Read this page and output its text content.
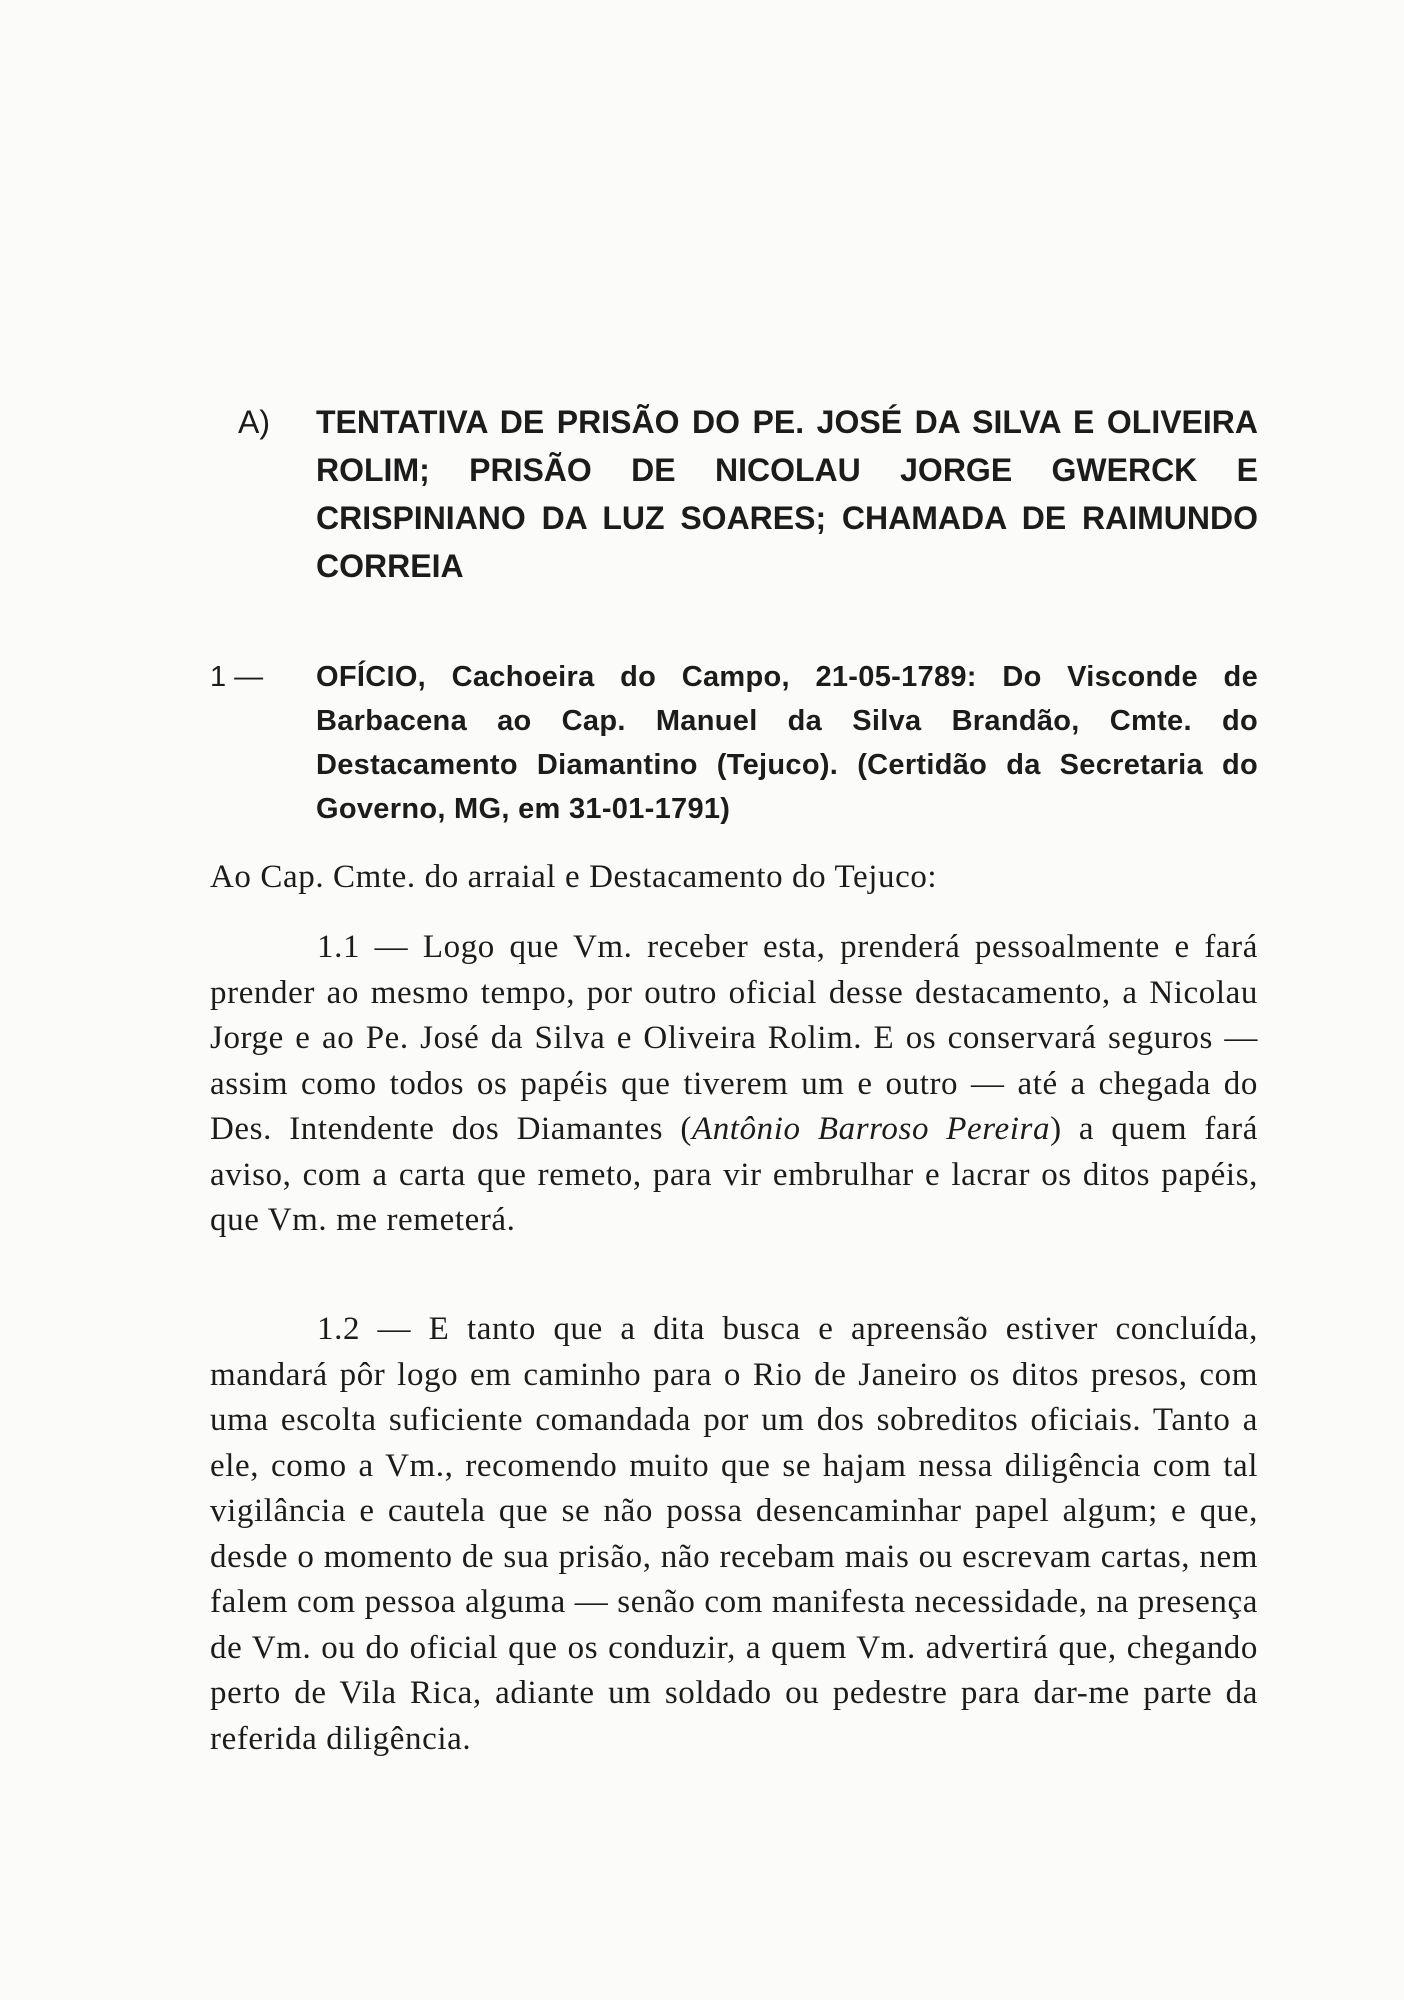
A) TENTATIVA DE PRISÃO DO PE. JOSÉ DA SILVA E OLIVEIRA ROLIM; PRISÃO DE NICOLAU JORGE GWERCK E CRISPINIANO DA LUZ SOARES; CHAMADA DE RAIMUNDO CORREIA
1 — OFÍCIO, Cachoeira do Campo, 21-05-1789: Do Visconde de Barbacena ao Cap. Manuel da Silva Brandão, Cmte. do Destacamento Diamantino (Tejuco). (Certidão da Secretaria do Governo, MG, em 31-01-1791)
Ao Cap. Cmte. do arraial e Destacamento do Tejuco:
1.1 — Logo que Vm. receber esta, prenderá pessoalmente e fará prender ao mesmo tempo, por outro oficial desse destacamento, a Nicolau Jorge e ao Pe. José da Silva e Oliveira Rolim. E os conservará seguros — assim como todos os papéis que tiverem um e outro — até a chegada do Des. Intendente dos Diamantes (Antônio Barroso Pereira) a quem fará aviso, com a carta que remeto, para vir embrulhar e lacrar os ditos papéis, que Vm. me remeterá.
1.2 — E tanto que a dita busca e apreensão estiver concluída, mandará pôr logo em caminho para o Rio de Janeiro os ditos presos, com uma escolta suficiente comandada por um dos sobreditos oficiais. Tanto a ele, como a Vm., recomendo muito que se hajam nessa diligência com tal vigilância e cautela que se não possa desencaminhar papel algum; e que, desde o momento de sua prisão, não recebam mais ou escrevam cartas, nem falem com pessoa alguma — senão com manifesta necessidade, na presença de Vm. ou do oficial que os conduzir, a quem Vm. advertirá que, chegando perto de Vila Rica, adiante um soldado ou pedestre para dar-me parte da referida diligência.
